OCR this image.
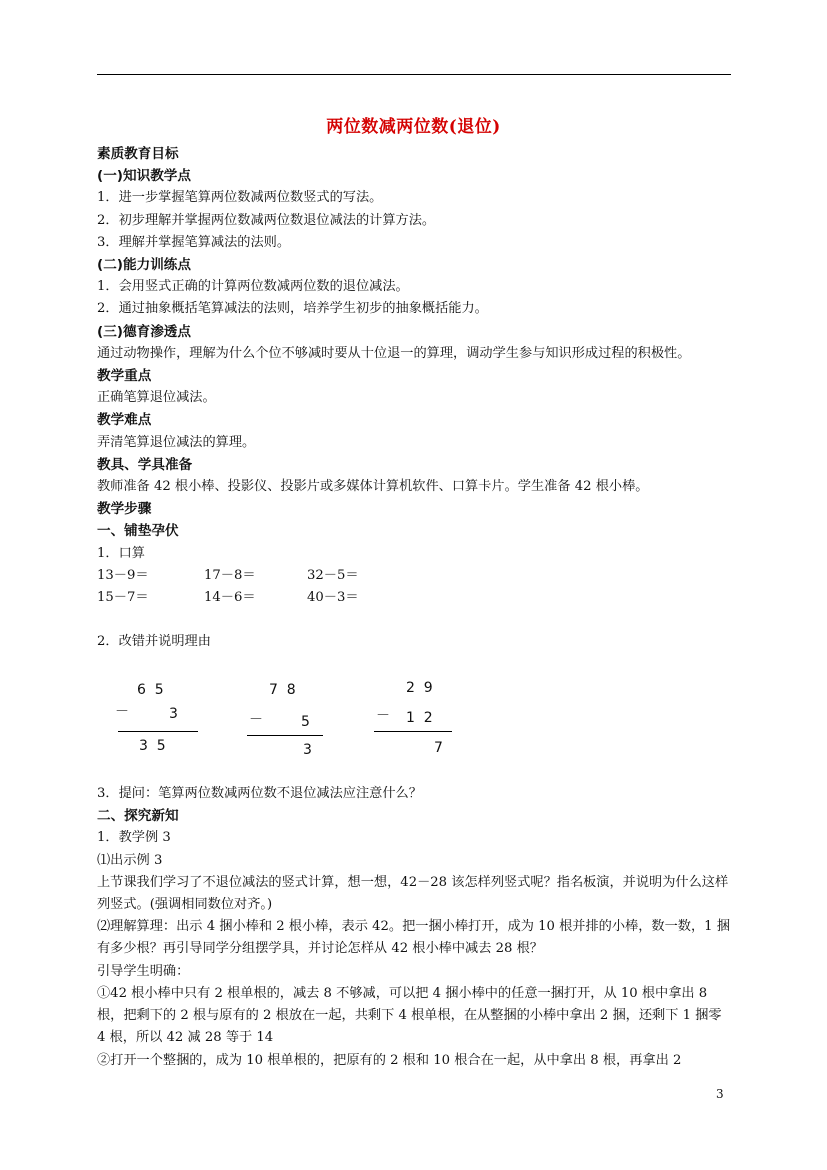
两位数减两位数(退位)
素质教育目标
(一)知识教学点
1．进一步掌握笔算两位数减两位数竖式的写法。
2．初步理解并掌握两位数减两位数退位减法的计算方法。
3．理解并掌握笔算减法的法则。
(二)能力训练点
1．会用竖式正确的计算两位数减两位数的退位减法。
2．通过抽象概括笔算减法的法则，培养学生初步的抽象概括能力。
(三)德育渗透点
通过动物操作，理解为什么个位不够减时要从十位退一的算理，调动学生参与知识形成过程的积极性。
教学重点
正确笔算退位减法。
教学难点
弄清笔算退位减法的算理。
教具、学具准备
教师准备 42 根小棒、投影仪、投影片或多媒体计算机软件、口算卡片。学生准备 42 根小棒。
教学步骤
一、铺垫孕伏
1．口算
13－9＝	17－8＝	32－5＝
15－7＝	14－6＝	40－3＝
2．改错并说明理由
6  5
－	3
3  5
7  8
－	5
3
2  9
－ 1  2
7
3．提问：笔算两位数减两位数不退位减法应注意什么？
二、探究新知
1．教学例 3
⑴出示例 3
上节课我们学习了不退位减法的竖式计算，想一想，42－28 该怎样列竖式呢？指名板演，并说明为什么这样列竖式。(强调相同数位对齐。)
⑵理解算理：出示 4 捆小棒和 2 根小棒，表示 42。把一捆小棒打开，成为 10 根并排的小棒，数一数，1 捆有多少根？再引导同学分组摆学具，并讨论怎样从 42 根小棒中减去 28 根？
引导学生明确：
①42 根小棒中只有 2 根单根的，减去 8 不够减，可以把 4 捆小棒中的任意一捆打开，从 10 根中拿出 8 根，把剩下的 2 根与原有的 2 根放在一起，共剩下 4 根单根，在从整捆的小棒中拿出 2 捆，还剩下 1 捆零 4 根，所以 42 减 28 等于 14
②打开一个整捆的，成为 10 根单根的，把原有的 2 根和 10 根合在一起，从中拿出 8 根，再拿出 2
3
